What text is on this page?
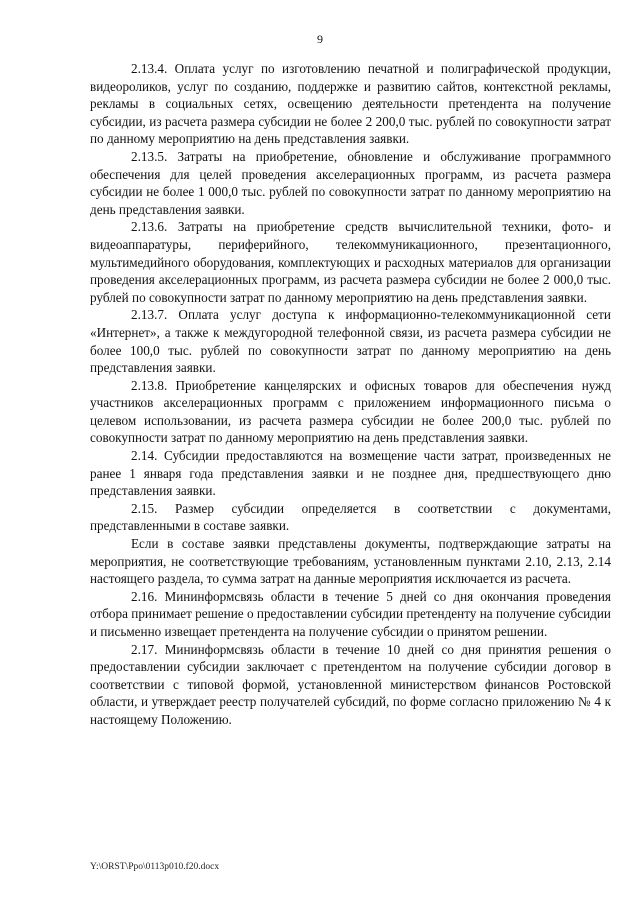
9

2.13.4. Оплата услуг по изготовлению печатной и полиграфической продукции, видеороликов, услуг по созданию, поддержке и развитию сайтов, контекстной рекламы, рекламы в социальных сетях, освещению деятельности претендента на получение субсидии, из расчета размера субсидии не более 2 200,0 тыс. рублей по совокупности затрат по данному мероприятию на день представления заявки.

2.13.5. Затраты на приобретение, обновление и обслуживание программного обеспечения для целей проведения акселерационных программ, из расчета размера субсидии не более 1 000,0 тыс. рублей по совокупности затрат по данному мероприятию на день представления заявки.

2.13.6. Затраты на приобретение средств вычислительной техники, фото- и видеоаппаратуры, периферийного, телекоммуникационного, презентационного, мультимедийного оборудования, комплектующих и расходных материалов для организации проведения акселерационных программ, из расчета размера субсидии не более 2 000,0 тыс. рублей по совокупности затрат по данному мероприятию на день представления заявки.

2.13.7. Оплата услуг доступа к информационно-телекоммуникационной сети «Интернет», а также к междугородной телефонной связи, из расчета размера субсидии не более 100,0 тыс. рублей по совокупности затрат по данному мероприятию на день представления заявки.

2.13.8. Приобретение канцелярских и офисных товаров для обеспечения нужд участников акселерационных программ с приложением информационного письма о целевом использовании, из расчета размера субсидии не более 200,0 тыс. рублей по совокупности затрат по данному мероприятию на день представления заявки.

2.14. Субсидии предоставляются на возмещение части затрат, произведенных не ранее 1 января года представления заявки и не позднее дня, предшествующего дню представления заявки.

2.15. Размер субсидии определяется в соответствии с документами, представленными в составе заявки.

Если в составе заявки представлены документы, подтверждающие затраты на мероприятия, не соответствующие требованиям, установленным пунктами 2.10, 2.13, 2.14 настоящего раздела, то сумма затрат на данные мероприятия исключается из расчета.

2.16. Мининформсвязь области в течение 5 дней со дня окончания проведения отбора принимает решение о предоставлении субсидии претенденту на получение субсидии и письменно извещает претендента на получение субсидии о принятом решении.

2.17. Мининформсвязь области в течение 10 дней со дня принятия решения о предоставлении субсидии заключает с претендентом на получение субсидии договор в соответствии с типовой формой, установленной министерством финансов Ростовской области, и утверждает реестр получателей субсидий, по форме согласно приложению № 4 к настоящему Положению.

Y:\ORST\Ppo\0113p010.f20.docx
